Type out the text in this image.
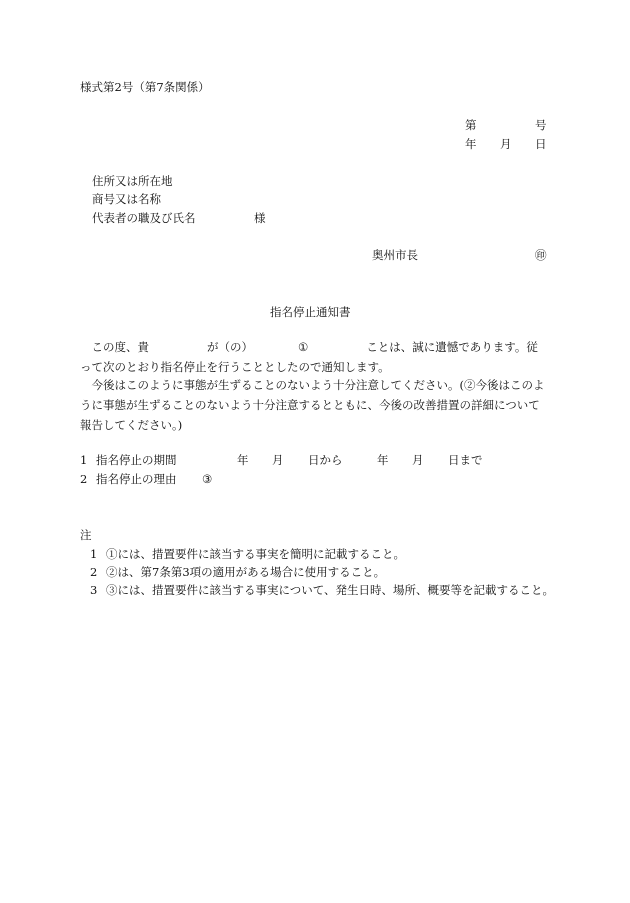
様式第2号（第7条関係）
第	号
年 月 日
住所又は所在地
商号又は名称
代表者の職及び氏名	様
奥州市長	㊞
指名停止通知書
この度、貴	が（の）	①	ことは、誠に遺憾であります。従って次のとおり指名停止を行うこととしたので通知します。
今後はこのように事態が生ずることのないよう十分注意してください。(②今後はこのように事態が生ずることのないよう十分注意するとともに、今後の改善措置の詳細について報告してください。)
1 指名停止の期間	年 月 日から	年 月 日まで
2 指名停止の理由 ③
注
1 ①には、措置要件に該当する事実を簡明に記載すること。
2 ②は、第7条第3項の適用がある場合に使用すること。
3 ③には、措置要件に該当する事実について、発生日時、場所、概要等を記載すること。
